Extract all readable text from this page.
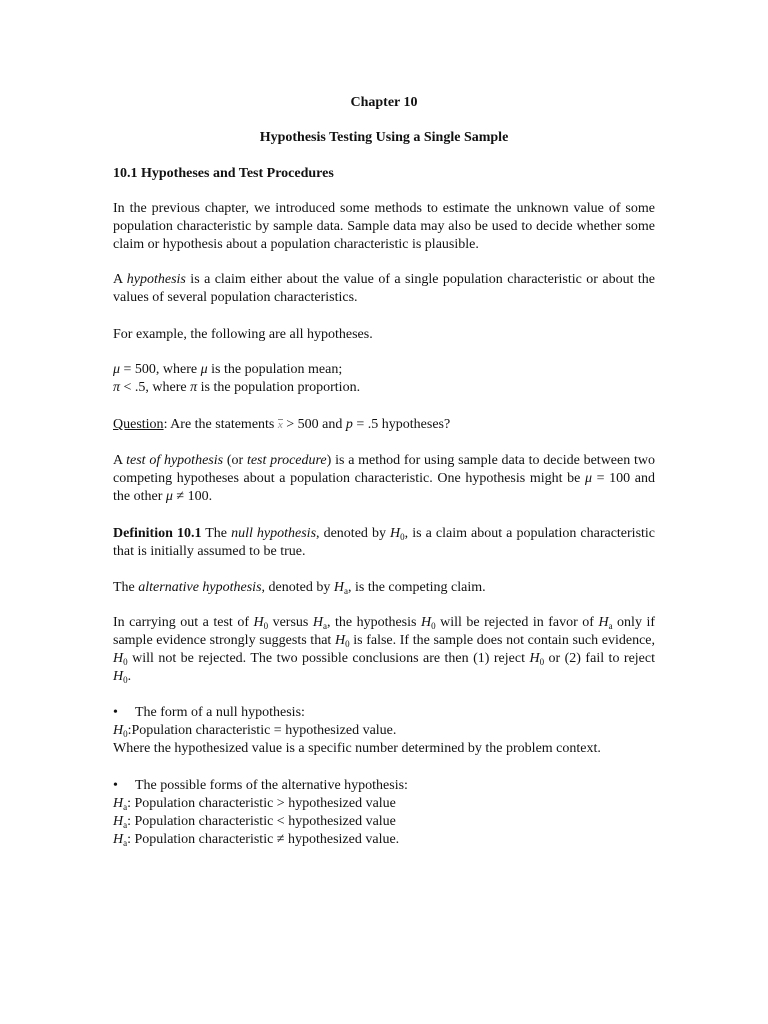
Chapter 10

Hypothesis Testing Using a Single Sample

10.1 Hypotheses and Test Procedures

In the previous chapter, we introduced some methods to estimate the unknown value of some population characteristic by sample data. Sample data may also be used to decide whether some claim or hypothesis about a population characteristic is plausible.

A hypothesis is a claim either about the value of a single population characteristic or about the values of several population characteristics.

For example, the following are all hypotheses.

μ = 500, where μ is the population mean;
π < .5, where π is the population proportion.

Question: Are the statements x > 500 and p = .5 hypotheses?

A test of hypothesis (or test procedure) is a method for using sample data to decide between two competing hypotheses about a population characteristic. One hypothesis might be μ = 100 and the other μ ≠ 100.

Definition 10.1 The null hypothesis, denoted by $H_0$, is a claim about a population characteristic that is initially assumed to be true.

The alternative hypothesis, denoted by $H_a$, is the competing claim.

In carrying out a test of $H_0$ versus $H_a$, the hypothesis $H_0$ will be rejected in favor of $H_a$ only if sample evidence strongly suggests that $H_0$ is false. If the sample does not contain such evidence, $H_0$ will not be rejected. The two possible conclusions are then (1) reject $H_0$ or (2) fail to reject $H_0$.

• The form of a null hypothesis:
$H_0:Population$ characteristic = hypothesized value.
Where the hypothesized value is a specific number determined by the problem context.
• The possible forms of the alternative hypothesis:
$H_a$: Population characteristic > hypothesized value
$H_a$: Population characteristic < hypothesized value
$H_a$: Population characteristic ≠ hypothesized value.
